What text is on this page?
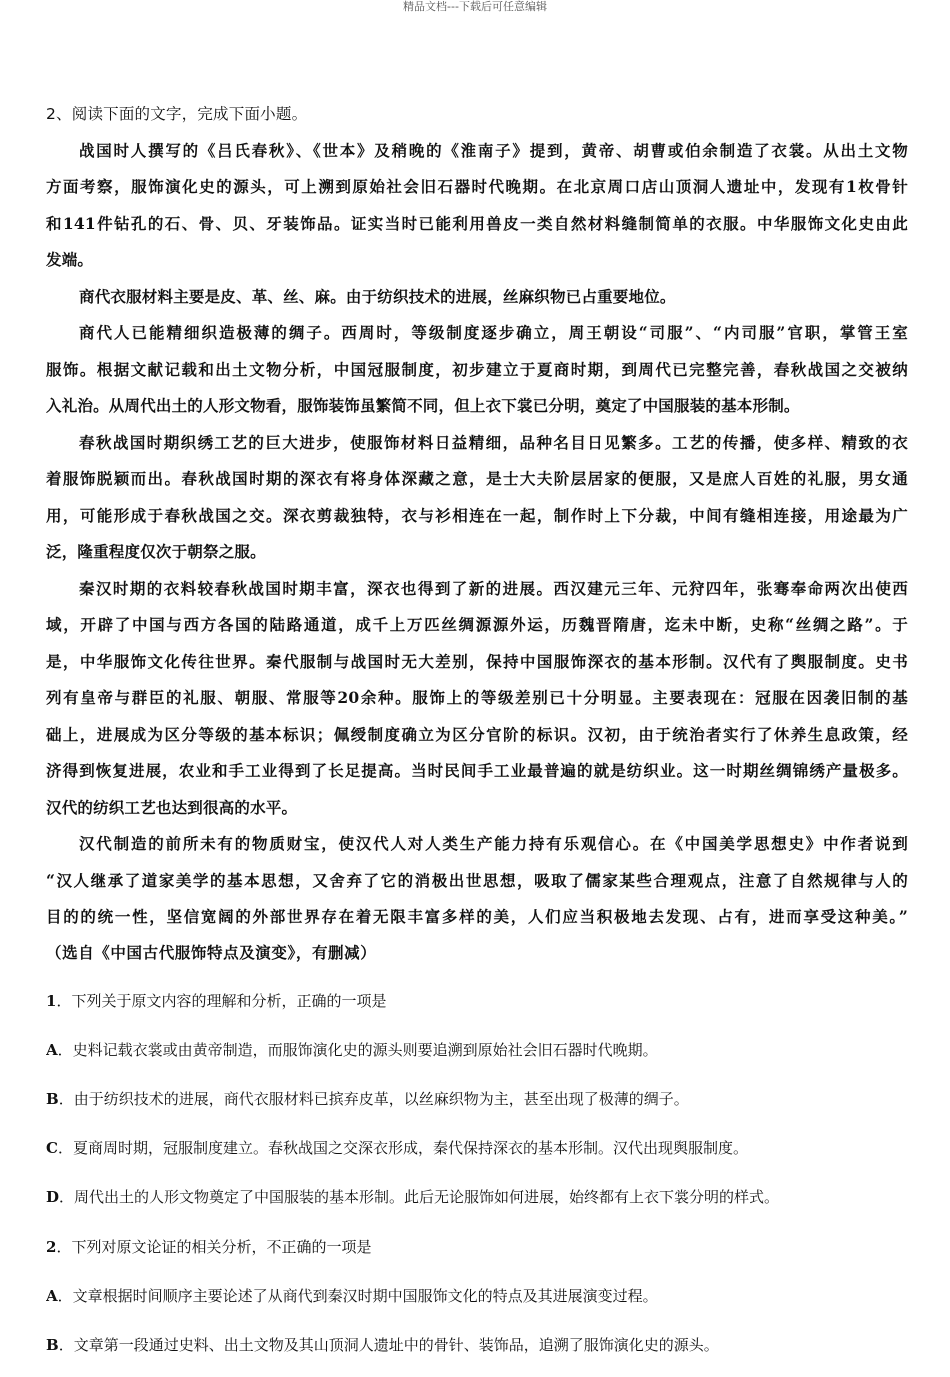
精品文档---下载后可任意编辑

2、阅读下面的文字，完成下面小题。

战国时人撰写的《吕氏春秋》、《世本》及稍晚的《淮南子》提到，黄帝、胡曹或伯余制造了衣裳。从出土文物

方面考察，服饰演化史的源头，可上溯到原始社会旧石器时代晚期。在北京周口店山顶洞人遗址中，发现有1枚骨针

和141件钻孔的石、骨、贝、牙装饰品。证实当时已能利用兽皮一类自然材料缝制简单的衣服。中华服饰文化史由此

发端。

商代衣服材料主要是皮、革、丝、麻。由于纺织技术的进展，丝麻织物已占重要地位。

商代人已能精细织造极薄的绸子。西周时，等级制度逐步确立，周王朝设“司服”、“内司服”官职，掌管王室

服饰。根据文献记载和出土文物分析，中国冠服制度，初步建立于夏商时期，到周代已完整完善，春秋战国之交被纳

入礼治。从周代出土的人形文物看，服饰装饰虽繁简不同，但上衣下裳已分明，奠定了中国服装的基本形制。

春秋战国时期织绣工艺的巨大进步，使服饰材料日益精细，品种名目日见繁多。工艺的传播，使多样、精致的衣

着服饰脱颖而出。春秋战国时期的深衣有将身体深藏之意，是士大夫阶层居家的便服，又是庶人百姓的礼服，男女通

用，可能形成于春秋战国之交。深衣剪裁独特，衣与衫相连在一起，制作时上下分裁，中间有缝相连接，用途最为广

泛，隆重程度仅次于朝祭之服。

秦汉时期的衣料较春秋战国时期丰富，深衣也得到了新的进展。西汉建元三年、元狩四年，张骞奉命两次出使西

域，开辟了中国与西方各国的陆路通道，成千上万匹丝绸源源外运，历魏晋隋唐，迄未中断，史称“丝绸之路”。于

是，中华服饰文化传往世界。秦代服制与战国时无大差别，保持中国服饰深衣的基本形制。汉代有了舆服制度。史书

列有皇帝与群臣的礼服、朝服、常服等20余种。服饰上的等级差别已十分明显。主要表现在：冠服在因袭旧制的基

础上，进展成为区分等级的基本标识；佩绶制度确立为区分官阶的标识。汉初，由于统治者实行了休养生息政策，经

济得到恢复进展，农业和手工业得到了长足提高。当时民间手工业最普遍的就是纺织业。这一时期丝绸锦绣产量极多。

汉代的纺织工艺也达到很高的水平。

汉代制造的前所未有的物质财宝，使汉代人对人类生产能力持有乐观信心。在《中国美学思想史》中作者说到

“汉人继承了道家美学的基本思想，又舍弃了它的消极出世思想，吸取了儒家某些合理观点，注意了自然规律与人的

目的的统一性，坚信宽阔的外部世界存在着无限丰富多样的美，人们应当积极地去发现、占有，进而享受这种美。”

（选自《中国古代服饰特点及演变》，有删减）

1．下列关于原文内容的理解和分析，正确的一项是

A．史料记载衣裳或由黄帝制造，而服饰演化史的源头则要追溯到原始社会旧石器时代晚期。

B．由于纺织技术的进展，商代衣服材料已摈弃皮革，以丝麻织物为主，甚至出现了极薄的绸子。

C．夏商周时期，冠服制度建立。春秋战国之交深衣形成，秦代保持深衣的基本形制。汉代出现舆服制度。

D．周代出土的人形文物奠定了中国服装的基本形制。此后无论服饰如何进展，始终都有上衣下裳分明的样式。

2．下列对原文论证的相关分析，不正确的一项是

A．文章根据时间顺序主要论述了从商代到秦汉时期中国服饰文化的特点及其进展演变过程。

B．文章第一段通过史料、出土文物及其山顶洞人遗址中的骨针、装饰品，追溯了服饰演化史的源头。
